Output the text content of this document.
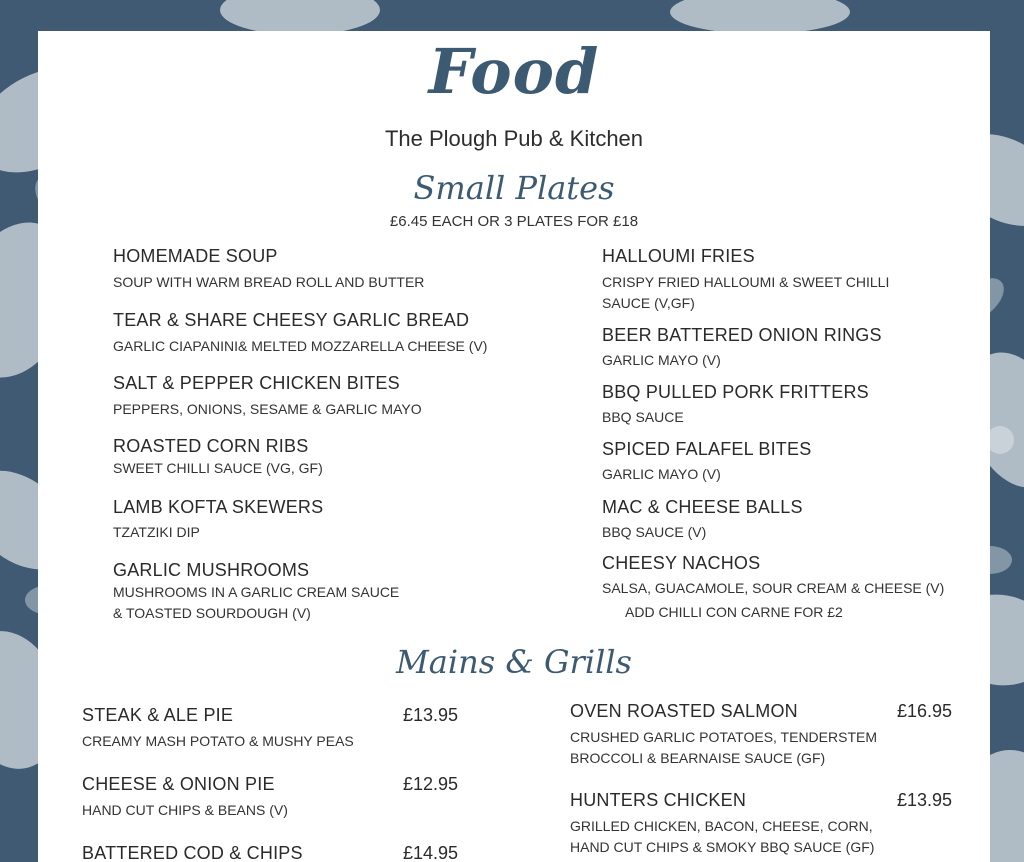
Food
The Plough Pub & Kitchen
Small Plates
£6.45 EACH OR 3 PLATES FOR £18
HOMEMADE SOUP
SOUP WITH WARM BREAD ROLL AND BUTTER
TEAR & SHARE CHEESY GARLIC BREAD
GARLIC CIAPANINI& MELTED MOZZARELLA CHEESE (V)
SALT & PEPPER CHICKEN BITES
PEPPERS, ONIONS, SESAME & GARLIC MAYO
ROASTED CORN RIBS
SWEET CHILLI SAUCE (VG, GF)
LAMB KOFTA SKEWERS
TZATZIKI DIP
GARLIC MUSHROOMS
MUSHROOMS IN A GARLIC CREAM SAUCE
& TOASTED SOURDOUGH (V)
HALLOUMI FRIES
CRISPY FRIED HALLOUMI & SWEET CHILLI
SAUCE (V,GF)
BEER BATTERED ONION RINGS
GARLIC MAYO (V)
BBQ PULLED PORK FRITTERS
BBQ SAUCE
SPICED FALAFEL BITES
GARLIC MAYO (V)
MAC & CHEESE BALLS
BBQ SAUCE (V)
CHEESY NACHOS
SALSA, GUACAMOLE, SOUR CREAM & CHEESE (V)
ADD CHILLI CON CARNE FOR £2
Mains & Grills
STEAK & ALE PIE	£13.95
CREAMY MASH POTATO & MUSHY PEAS
CHEESE & ONION PIE	£12.95
HAND CUT CHIPS & BEANS (V)
BATTERED COD & CHIPS	£14.95
OVEN ROASTED SALMON	£16.95
CRUSHED GARLIC POTATOES, TENDERSTEM
BROCCOLI & BEARNAISE SAUCE (GF)
HUNTERS CHICKEN	£13.95
GRILLED CHICKEN, BACON, CHEESE, CORN,
HAND CUT CHIPS & SMOKY BBQ SAUCE (GF)
